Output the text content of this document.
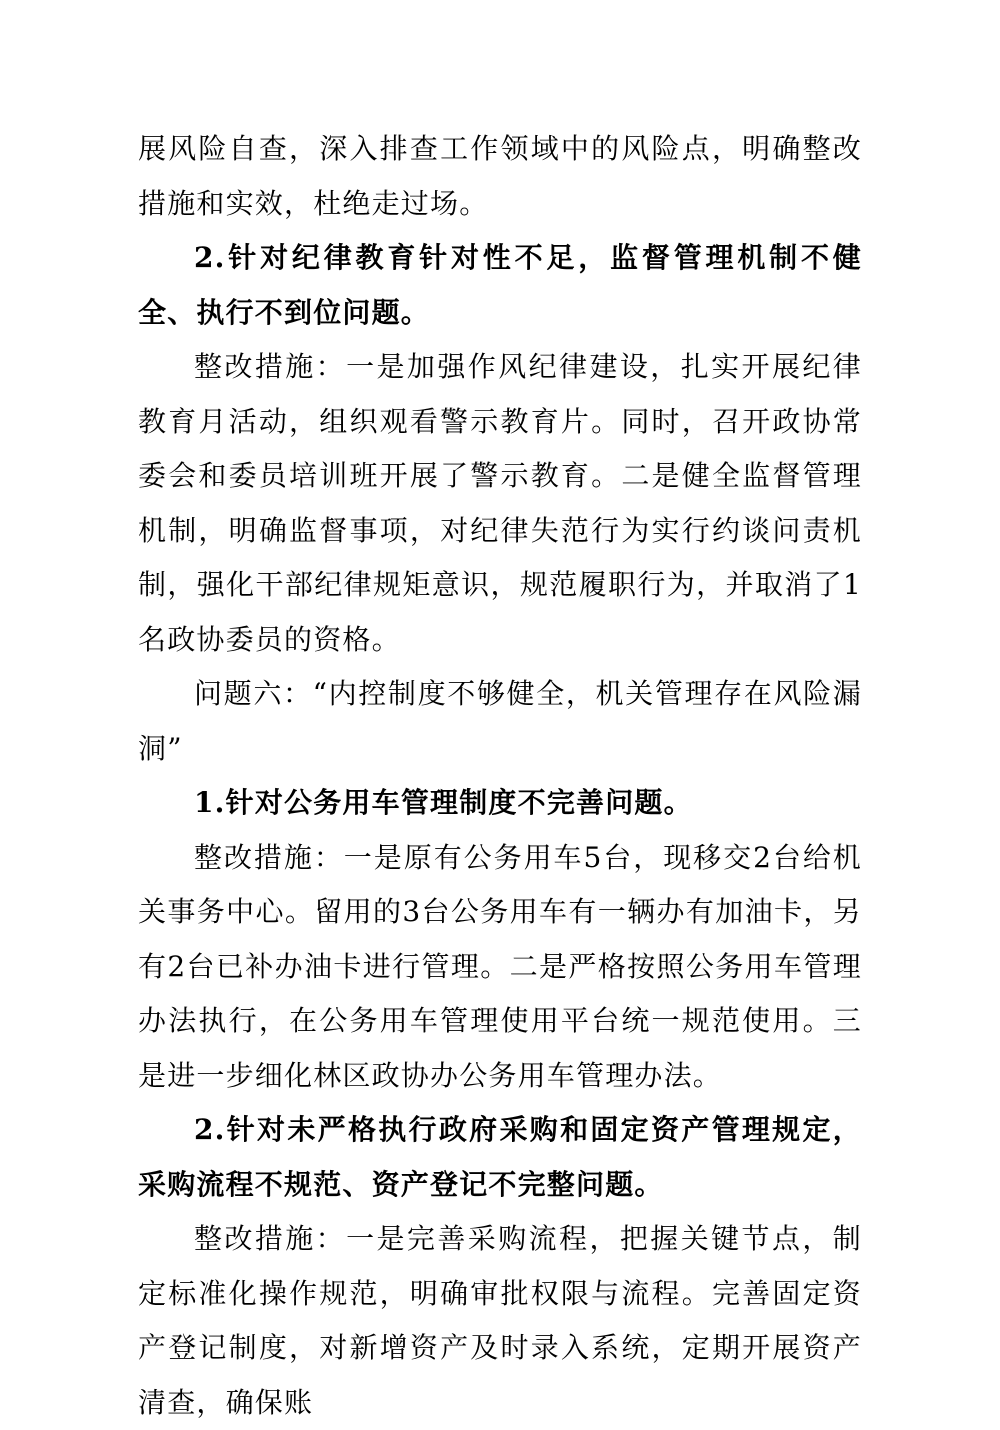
展风险自查，深入排查工作领域中的风险点，明确整改措施和实效，杜绝走过场。

2.针对纪律教育针对性不足，监督管理机制不健全、执行不到位问题。

整改措施：一是加强作风纪律建设，扎实开展纪律教育月活动，组织观看警示教育片。同时，召开政协常委会和委员培训班开展了警示教育。二是健全监督管理机制，明确监督事项，对纪律失范行为实行约谈问责机制，强化干部纪律规矩意识，规范履职行为，并取消了1名政协委员的资格。

问题六：“内控制度不够健全，机关管理存在风险漏洞”

1.针对公务用车管理制度不完善问题。

整改措施：一是原有公务用车5台，现移交2台给机关事务中心。留用的3台公务用车有一辆办有加油卡，另有2台已补办油卡进行管理。二是严格按照公务用车管理办法执行，在公务用车管理使用平台统一规范使用。三是进一步细化林区政协办公务用车管理办法。

2.针对未严格执行政府采购和固定资产管理规定，采购流程不规范、资产登记不完整问题。

整改措施：一是完善采购流程，把握关键节点，制定标准化操作规范，明确审批权限与流程。完善固定资产登记制度，对新增资产及时录入系统，定期开展资产清查，确保账
